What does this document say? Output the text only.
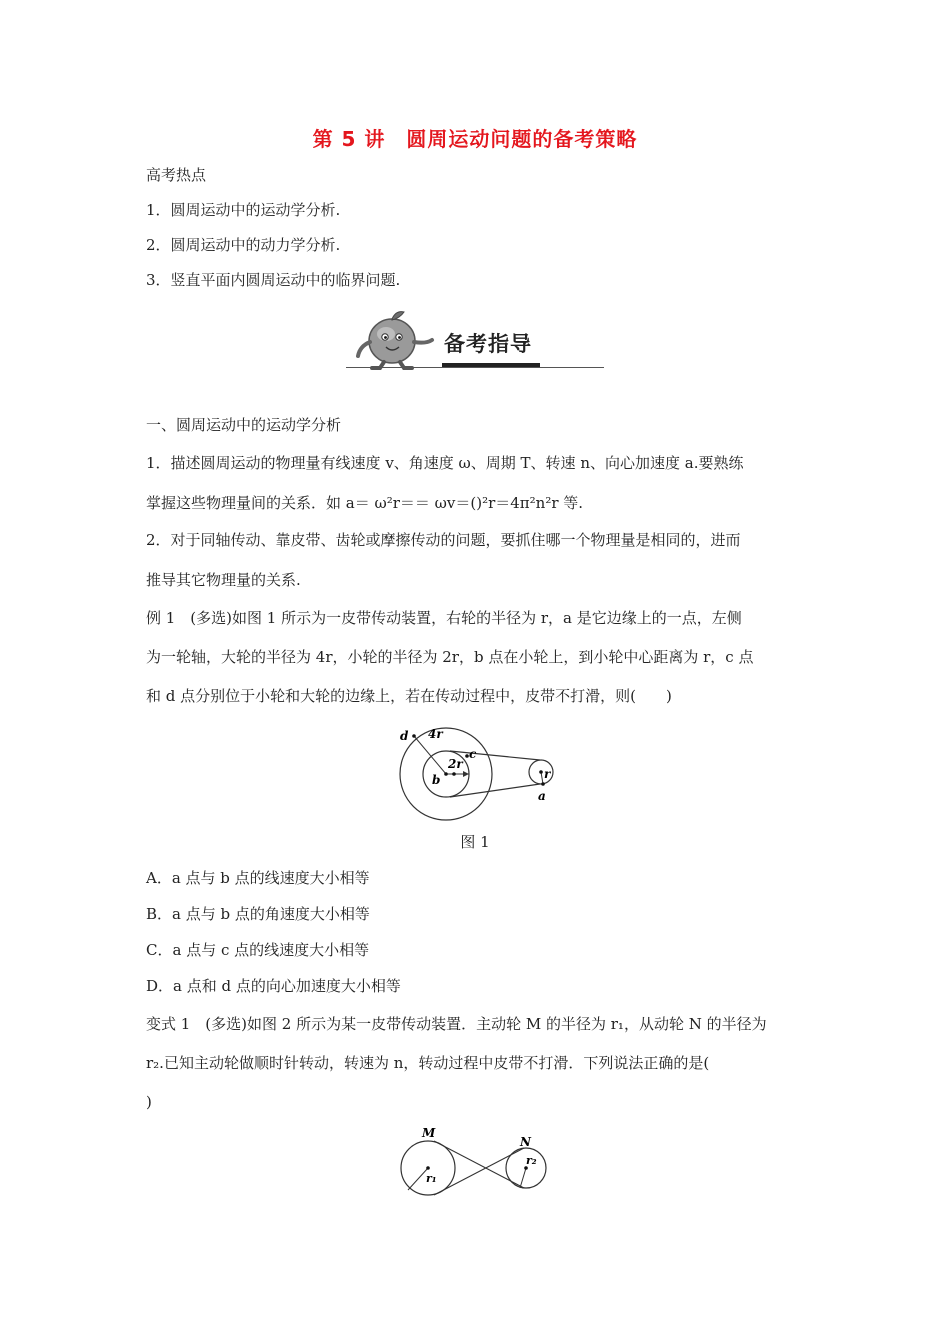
第 5 讲　圆周运动问题的备考策略
高考热点
1．圆周运动中的运动学分析.
2．圆周运动中的动力学分析.
3．竖直平面内圆周运动中的临界问题.
备考指导
一、圆周运动中的运动学分析
1．描述圆周运动的物理量有线速度 v、角速度 ω、周期 T、转速 n、向心加速度 a.要熟练
掌握这些物理量间的关系．如 a＝ ω²r＝＝ ωv＝()²r＝4π²n²r 等.
2．对于同轴传动、靠皮带、齿轮或摩擦传动的问题，要抓住哪一个物理量是相同的，进而
推导其它物理量的关系.
例 1　(多选)如图 1 所示为一皮带传动装置，右轮的半径为 r，a 是它边缘上的一点，左侧
为一轮轴，大轮的半径为 4r，小轮的半径为 2r，b 点在小轮上，到小轮中心距离为 r，c 点
和 d 点分别位于小轮和大轮的边缘上，若在传动过程中，皮带不打滑，则(　　)
d 4r
2r
c
b	r
a
图 1
A．a 点与 b 点的线速度大小相等
B．a 点与 b 点的角速度大小相等
C．a 点与 c 点的线速度大小相等
D．a 点和 d 点的向心加速度大小相等
变式 1　(多选)如图 2 所示为某一皮带传动装置．主动轮 M 的半径为 r₁，从动轮 N 的半径为
r₂.已知主动轮做顺时针转动，转速为 n，转动过程中皮带不打滑．下列说法正确的是(
)
M
N
r₁
r₂
